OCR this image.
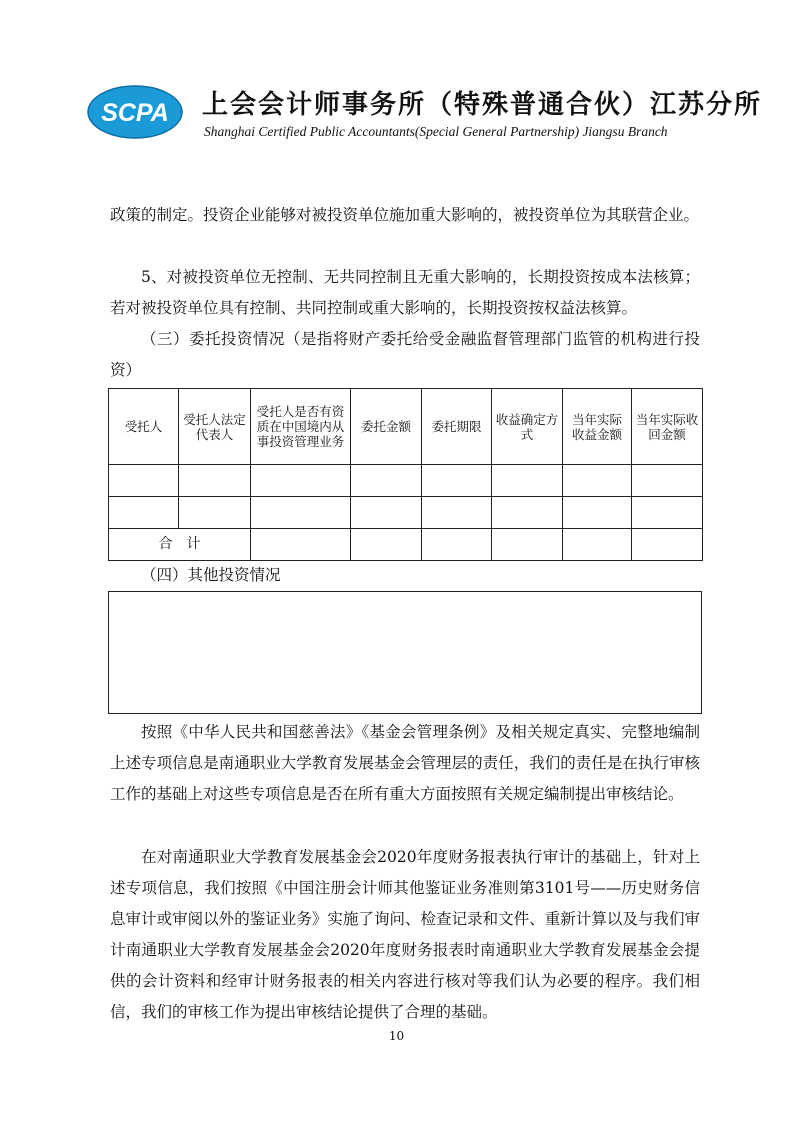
SCPA 上会会计师事务所（特殊普通合伙）江苏分所
Shanghai Certified Public Accountants(Special General Partnership) Jiangsu Branch

政策的制定。投资企业能够对被投资单位施加重大影响的，被投资单位为其联营企业。

5、对被投资单位无控制、无共同控制且无重大影响的，长期投资按成本法核算；若对被投资单位具有控制、共同控制或重大影响的，长期投资按权益法核算。

（三）委托投资情况（是指将财产委托给受金融监督管理部门监管的机构进行投资）

受托人	受托人法定代表人	受托人是否有资质在中国境内从事投资管理业务	委托金额	委托期限	收益确定方式	当年实际收益金额	当年实际收回金额

合　计							

（四）其他投资情况

按照《中华人民共和国慈善法》《基金会管理条例》及相关规定真实、完整地编制上述专项信息是南通职业大学教育发展基金会管理层的责任，我们的责任是在执行审核工作的基础上对这些专项信息是否在所有重大方面按照有关规定编制提出审核结论。

在对南通职业大学教育发展基金会2020年度财务报表执行审计的基础上，针对上述专项信息，我们按照《中国注册会计师其他鉴证业务准则第3101号——历史财务信息审计或审阅以外的鉴证业务》实施了询问、检查记录和文件、重新计算以及与我们审计南通职业大学教育发展基金会2020年度财务报表时南通职业大学教育发展基金会提供的会计资料和经审计财务报表的相关内容进行核对等我们认为必要的程序。我们相信，我们的审核工作为提出审核结论提供了合理的基础。

10
